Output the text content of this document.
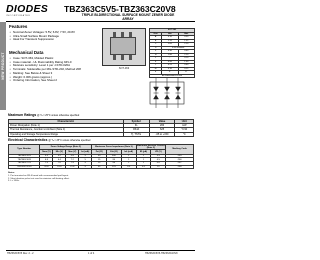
DIODES
INCORPORATED
TBZ363C5V5-TBZ363C20V8
TRIPLE BI-DIRECTIONAL SURFACE MOUNT ZENER DIODE ARRAY
NEW PRODUCT
Features
• Nominal Zener Voltages: 5.5V, 6.8V, 7.5V, 20.8V
• Ultra-Small Surface Mount Package
• Ideal For Transient Suppression
Mechanical Data
• Case: SOT-363, Molded Plastic
• Case material - UL Flammability Rating 94V-0
• Moisture sensitivity: Level 1 per J-STD-020A
• Terminals: Solderable per MIL-STD-202, Method 208
• Marking: See Below & Sheet 3
• Weight: 0.006 grams (approx.)
• Ordering Information, See Sheet 2
SOT-363
SOT-363		
Dim	Min	Max
A	0.10	0.30
B	1.15	1.35
C	2.00	2.20
D	0.65 Nominal	
F	0.30	0.40
H	1.80	2.20
J	-	0.10
K	0.90	1.00
L	0.25	0.40
M	0.10	0.25
a	0°	8°
All Dimensions in mm		
Maximum Ratings @ Tₐ = 25°C unless otherwise specified
Characteristic	Symbol	Value	Unit
Power Dissipation (Note 1)	Pₑ	200	mW
Thermal Resistance, Junction to Ambient (Note 1)	RθJA	625	°C/W
Operating and Storage Temperature Range	Tj, TSTG	-65 to +150	°C
Electrical Characteristics @ Tₐ = 25°C unless otherwise specified
Type Number	Zener Voltage Range (Note 2)				Maximum Zener Impedance (Note 3)			Maximum Reverse Current (Note 2)		Marking Code
	Nom (V)	Min (V)	Max (V)	Izt (mA)	Zzt (Ω)	Zzk (Ω)	Izk (mA)	IR (µA)	VR (V)	
TBZ363C5V5	5.5	5.2	5.8	5	30	300	1	1	3.5	ZS5
TBZ363C6V8	6.8	6.4	7.2	5	15	80	1	1	4.5	ZS6
TBZ363C7V5	7.5	7.0	7.9	5	15	80	1	1	5.0	ZS7
TBZ363C20V8	20.8	19.8	21.8	5	55	225	0.5	0.1	15	ZS8
Notes:
1. Part mounted on FR-4 board with recommended pad layout.
2. Short duration pulse test used to minimize self-heating effect.
3. f = 1KHz.
TBZ363C5V5 Rev. 2 - 2	1 of 4	TBZ363C5V5-TBZ363C20V8
